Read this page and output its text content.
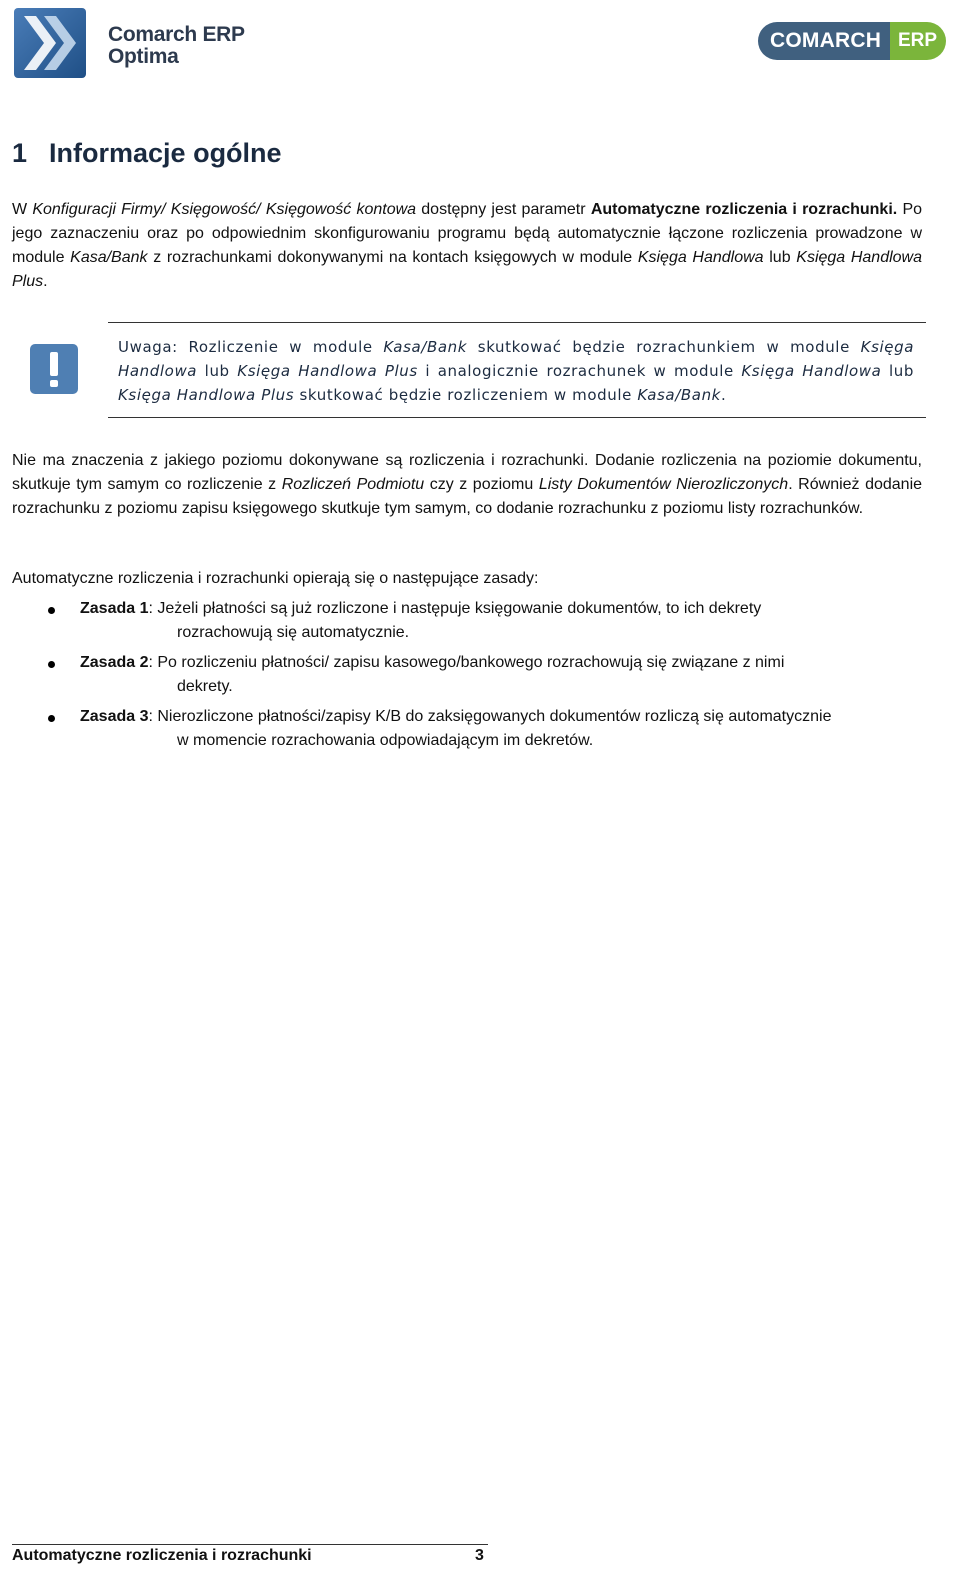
Comarch ERP
Optima
COMARCH ERP
1 Informacje ogólne

W Konfiguracji Firmy/ Księgowość/ Księgowość kontowa dostępny jest parametr Automatyczne rozliczenia i rozrachunki. Po jego zaznaczeniu oraz po odpowiednim skonfigurowaniu programu będą automatycznie łączone rozliczenia prowadzone w module Kasa/Bank z rozrachunkami dokonywanymi na kontach księgowych w module Księga Handlowa lub Księga Handlowa Plus.

Uwaga: Rozliczenie w module Kasa/Bank skutkować będzie rozrachunkiem w module Księga Handlowa lub Księga Handlowa Plus i analogicznie rozrachunek w module Księga Handlowa lub Księga Handlowa Plus skutkować będzie rozliczeniem w module Kasa/Bank.

Nie ma znaczenia z jakiego poziomu dokonywane są rozliczenia i rozrachunki. Dodanie rozliczenia na poziomie dokumentu, skutkuje tym samym co rozliczenie z Rozliczeń Podmiotu czy z poziomu Listy Dokumentów Nierozliczonych. Również dodanie rozrachunku z poziomu zapisu księgowego skutkuje tym samym, co dodanie rozrachunku z poziomu listy rozrachunków.

Automatyczne rozliczenia i rozrachunki opierają się o następujące zasady:

Zasada 1: Jeżeli płatności są już rozliczone i następuje księgowanie dokumentów, to ich dekrety
rozrachowują się automatycznie.
Zasada 2: Po rozliczeniu płatności/ zapisu kasowego/bankowego rozrachowują się związane z nimi
dekrety.
Zasada 3: Nierozliczone płatności/zapisy K/B do zaksięgowanych dokumentów rozliczą się automatycznie
w momencie rozrachowania odpowiadającym im dekretów.
Automatyczne rozliczenia i rozrachunki	3
